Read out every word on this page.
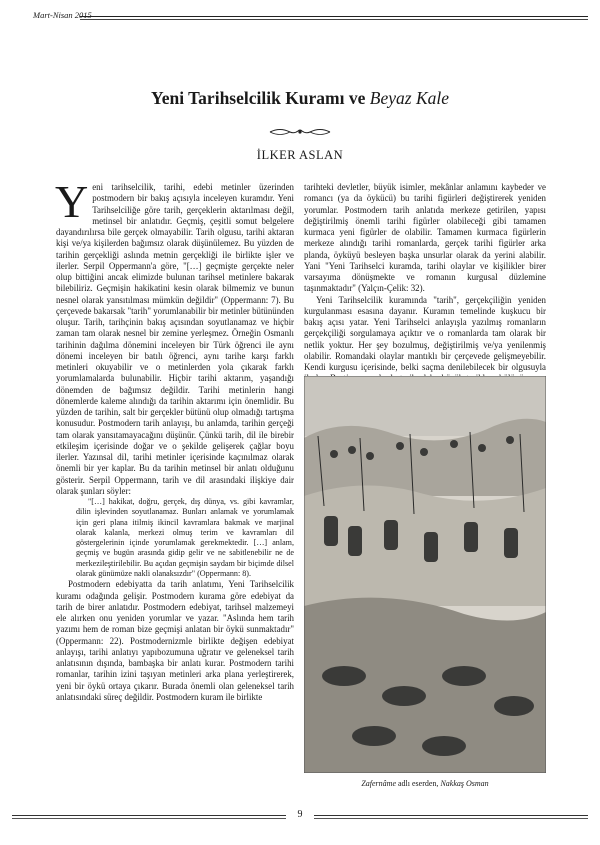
Mart-Nisan 2015
Yeni Tarihselcilik Kuramı ve Beyaz Kale
İLKER ASLAN

Yeni tarihselcilik, tarihi, edebi metinler üzerinden postmodern bir bakış açısıyla inceleyen kuramdır. Yeni Tarihselciliğe göre tarih, gerçeklerin aktarılması değil, metinsel bir anlatıdır. Geçmiş, çeşitli somut belgelere dayandırılırsa bile gerçek olmayabilir. Tarih olgusu, tarihi aktaran kişi ve/ya kişilerden bağımsız olarak düşünülemez. Bu yüzden de tarihin gerçekliği aslında metnin gerçekliği ile birlikte işler ve ilerler. Serpil Oppermann'a göre, "[…] geçmişte gerçekte neler olup bittiğini ancak elimizde bulunan tarihsel metinlere bakarak bilebiliriz. Geçmişin hakikatini kesin olarak bilmemiz ve bunun nesnel olarak yansıtılması mümkün değildir" (Oppermann: 7). Bu çerçevede bakarsak "tarih" yorumlanabilir bir metinler bütününden oluşur. Tarih, tarihçinin bakış açısından soyutlanamaz ve hiçbir zaman tam olarak nesnel bir zemine yerleşmez. Örneğin Osmanlı tarihinin dağılma dönemini inceleyen bir Türk öğrenci ile aynı dönemi inceleyen bir batılı öğrenci, aynı tarihe karşı farklı metinleri okuyabilir ve o metinlerden yola çıkarak farklı yorumlamalarda bulunabilir. Hiçbir tarihi aktarım, yaşandığı dönemden de bağımsız değildir. Tarihi metinlerin hangi dönemlerde kaleme alındığı da tarihin aktarımı için önemlidir. Bu yüzden de tarihin, salt bir gerçekler bütünü olup olmadığı tartışma konusudur. Postmodern tarih anlayışı, bu anlamda, tarihin gerçeği tam olarak yansıtamayacağını düşünür. Çünkü tarih, dil ile birebir etkileşim içerisinde doğar ve o şekilde gelişerek çağlar boyu ilerler. Yazınsal dil, tarihi metinler içerisinde kaçınılmaz olarak önemli bir yer kaplar. Bu da tarihin metinsel bir anlatı olduğunu gösterir. Serpil Oppermann, tarih ve dil arasındaki ilişkiye dair olarak şunları söyler:

"[…] hakikat, doğru, gerçek, dış dünya, vs. gibi kavramlar, dilin işlevinden soyutlanamaz. Bunları anlamak ve yorumlamak için geri plana itilmiş ikincil kavramlara bakmak ve marjinal olarak kalanla, merkezi olmuş terim ve kavramları dil göstergelerinin içinde yorumlamak gerekmektedir. […] anlam, geçmiş ve bugün arasında gidip gelir ve ne sabitlenebilir ne de merkezileştirilebilir. Bu açıdan geçmişin saydam bir biçimde dilsel olarak günümüze nakli olanaksızdır" (Oppermann: 8).

Postmodern edebiyatta da tarih anlatımı, Yeni Tarihselcilik kuramı odağında gelişir. Postmodern kurama göre edebiyat da tarih de birer anlatıdır. Postmodern edebiyat, tarihsel malzemeyi ele alırken onu yeniden yorumlar ve yazar. "Aslında hem tarih yazımı hem de roman bize geçmişi anlatan bir öykü sunmaktadır" (Oppermann: 22). Postmodernizmle birlikte değişen edebiyat anlayışı, tarihi anlatıyı yapıbozumuna uğratır ve geleneksel tarih anlatısının dışında, bambaşka bir anlatı kurar. Postmodern tarihi romanlar, tarihin izini taşıyan metinleri arka plana yerleştirerek, yeni bir öykü ortaya çıkarır. Burada önemli olan geleneksel tarih anlatısındaki süreç değildir. Postmodern kuram ile birlikte

tarihteki devletler, büyük isimler, mekânlar anlamını kaybeder ve romancı (ya da öykücü) bu tarihi figürleri değiştirerek yeniden yorumlar. Postmodern tarih anlatıda merkeze getirilen, yapısı değiştirilmiş önemli tarihi figürler olabileceği gibi tamamen kurmaca yeni figürler de olabilir. Tamamen kurmaca figürlerin merkeze alındığı tarihi romanlarda, gerçek tarihi figürler arka planda, öyküyü besleyen başka unsurlar olarak da yerini alabilir. Yani "Yeni Tarihselci kuramda, tarihi olaylar ve kişilikler birer varsayıma dönüşmekte ve romanın kurgusal düzlemine taşınmaktadır" (Yalçın-Çelik: 32).

Yeni Tarihselcilik kuramında "tarih", gerçekçiliğin yeniden kurgulanması esasına dayanır. Kuramın temelinde kuşkucu bir bakış açısı yatar. Yeni Tarihselci anlayışla yazılmış romanların gerçekçiliği sorgulamaya açıktır ve o romanlarda tam olarak bir netlik yoktur. Her şey bozulmuş, değiştirilmiş ve/ya yenilenmiş olabilir. Romandaki olaylar mantıklı bir çerçevede gelişmeyebilir. Kendi kurgusu içerisinde, belki saçma denilebilecek bir olgusuyla

Zafernâme adlı eserden, Nakkaş Osman
9
